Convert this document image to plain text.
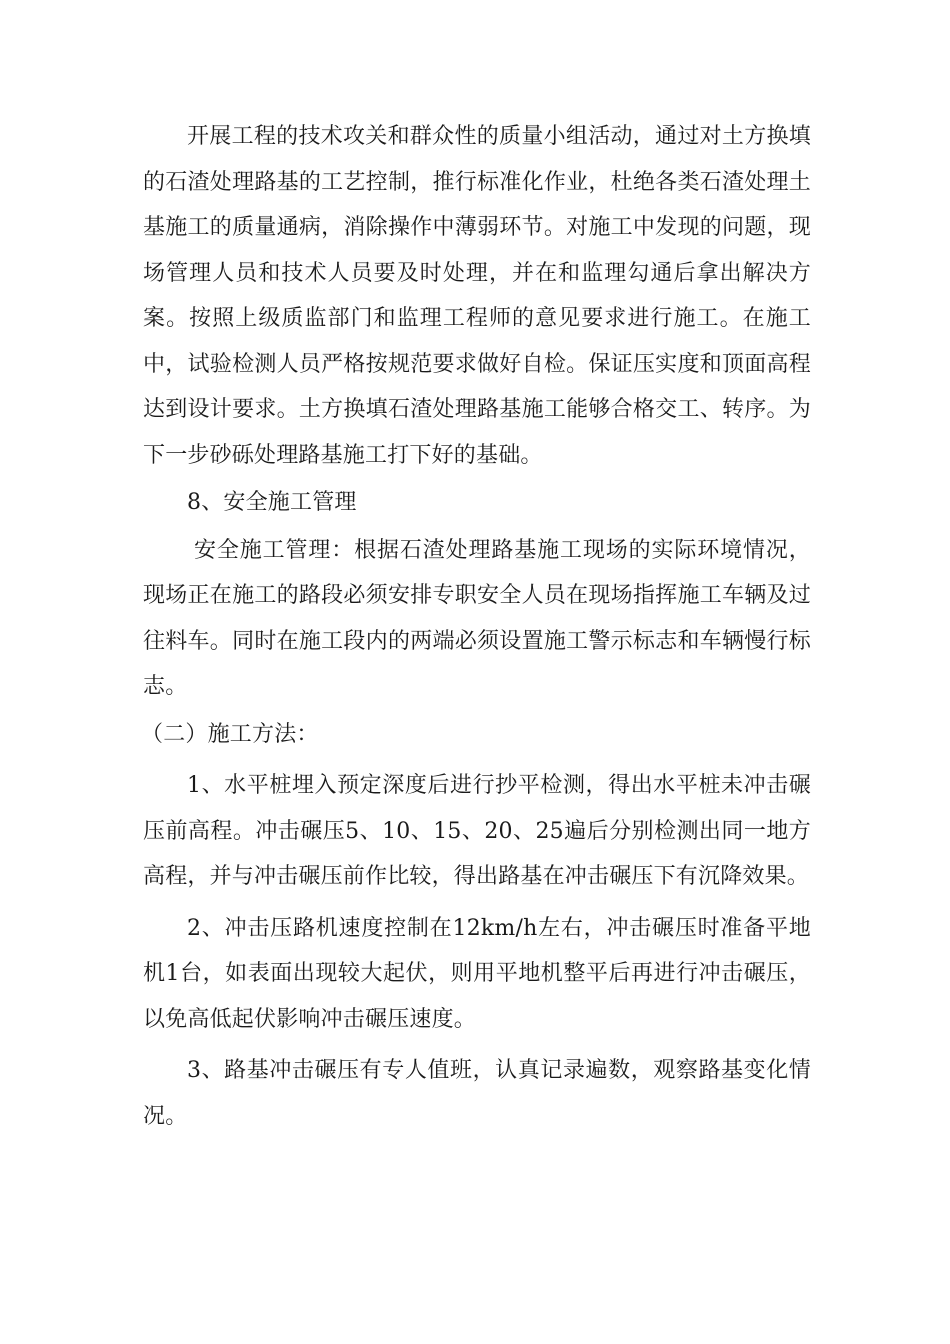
开展工程的技术攻关和群众性的质量小组活动，通过对土方换填的石渣处理路基的工艺控制，推行标准化作业，杜绝各类石渣处理土基施工的质量通病，消除操作中薄弱环节。对施工中发现的问题，现场管理人员和技术人员要及时处理，并在和监理勾通后拿出解决方案。按照上级质监部门和监理工程师的意见要求进行施工。在施工中，试验检测人员严格按规范要求做好自检。保证压实度和顶面高程达到设计要求。土方换填石渣处理路基施工能够合格交工、转序。为下一步砂砾处理路基施工打下好的基础。

8、安全施工管理

安全施工管理：根据石渣处理路基施工现场的实际环境情况，现场正在施工的路段必须安排专职安全人员在现场指挥施工车辆及过往料车。同时在施工段内的两端必须设置施工警示标志和车辆慢行标志。

（二）施工方法：

1、水平桩埋入预定深度后进行抄平检测，得出水平桩未冲击碾压前高程。冲击碾压5、10、15、20、25遍后分别检测出同一地方高程，并与冲击碾压前作比较，得出路基在冲击碾压下有沉降效果。

2、冲击压路机速度控制在12km/h左右，冲击碾压时准备平地机1台，如表面出现较大起伏，则用平地机整平后再进行冲击碾压，以免高低起伏影响冲击碾压速度。

3、路基冲击碾压有专人值班，认真记录遍数，观察路基变化情况。
